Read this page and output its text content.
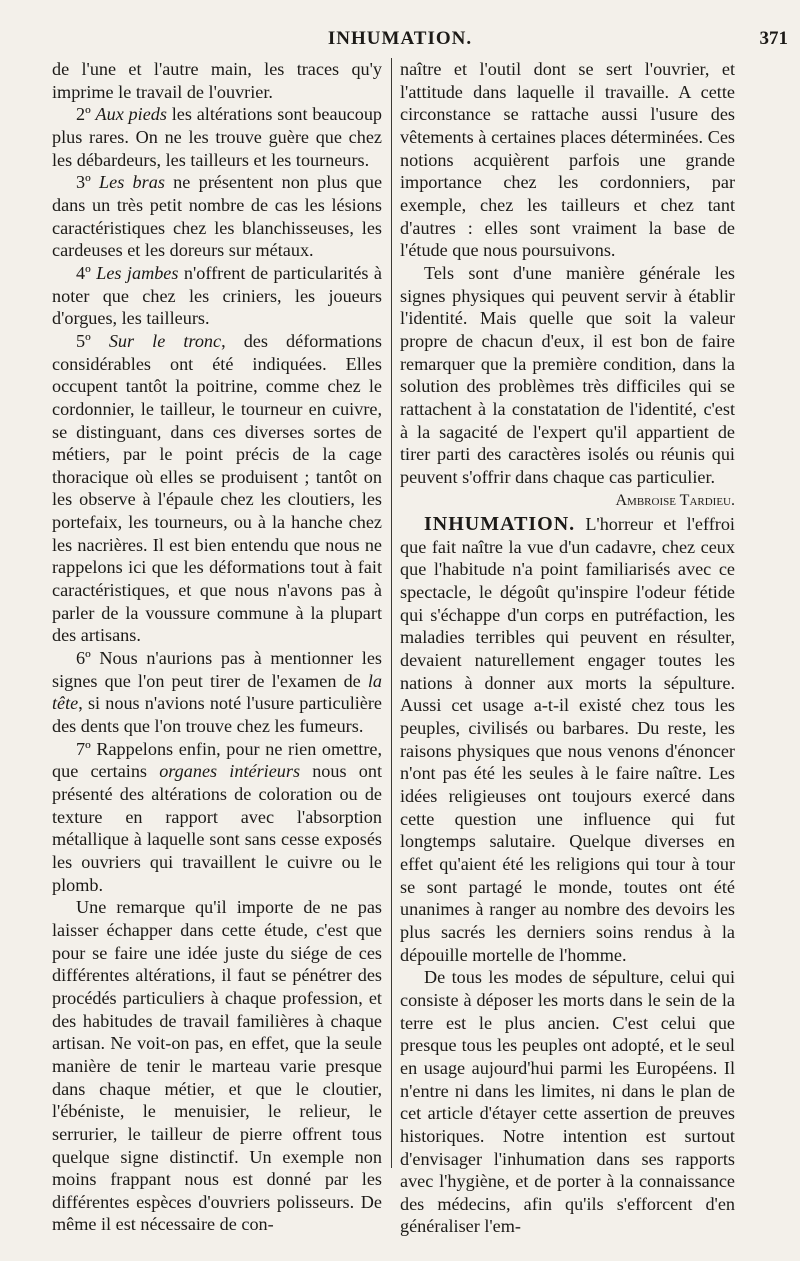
INHUMATION.	371

de l'une et l'autre main, les traces qu'y imprime le travail de l'ouvrier.

2º Aux pieds les altérations sont beaucoup plus rares. On ne les trouve guère que chez les débardeurs, les tailleurs et les tourneurs.

3º Les bras ne présentent non plus que dans un très petit nombre de cas les lésions caractéristiques chez les blanchisseuses, les cardeuses et les doreurs sur métaux.

4º Les jambes n'offrent de particularités à noter que chez les criniers, les joueurs d'orgues, les tailleurs.

5º Sur le tronc, des déformations considérables ont été indiquées. Elles occupent tantôt la poitrine, comme chez le cordonnier, le tailleur, le tourneur en cuivre, se distinguant, dans ces diverses sortes de métiers, par le point précis de la cage thoracique où elles se produisent ; tantôt on les observe à l'épaule chez les cloutiers, les portefaix, les tourneurs, ou à la hanche chez les nacrières. Il est bien entendu que nous ne rappelons ici que les déformations tout à fait caractéristiques, et que nous n'avons pas à parler de la voussure commune à la plupart des artisans.

6º Nous n'aurions pas à mentionner les signes que l'on peut tirer de l'examen de la tête, si nous n'avions noté l'usure particulière des dents que l'on trouve chez les fumeurs.

7º Rappelons enfin, pour ne rien omettre, que certains organes intérieurs nous ont présenté des altérations de coloration ou de texture en rapport avec l'absorption métallique à laquelle sont sans cesse exposés les ouvriers qui travaillent le cuivre ou le plomb.

Une remarque qu'il importe de ne pas laisser échapper dans cette étude, c'est que pour se faire une idée juste du siége de ces différentes altérations, il faut se pénétrer des procédés particuliers à chaque profession, et des habitudes de travail familières à chaque artisan. Ne voit-on pas, en effet, que la seule manière de tenir le marteau varie presque dans chaque métier, et que le cloutier, l'ébéniste, le menuisier, le relieur, le serrurier, le tailleur de pierre offrent tous quelque signe distinctif. Un exemple non moins frappant nous est donné par les différentes espèces d'ouvriers polisseurs. De même il est nécessaire de con-

naître et l'outil dont se sert l'ouvrier, et l'attitude dans laquelle il travaille. A cette circonstance se rattache aussi l'usure des vêtements à certaines places déterminées. Ces notions acquièrent parfois une grande importance chez les cordonniers, par exemple, chez les tailleurs et chez tant d'autres : elles sont vraiment la base de l'étude que nous poursuivons.

Tels sont d'une manière générale les signes physiques qui peuvent servir à établir l'identité. Mais quelle que soit la valeur propre de chacun d'eux, il est bon de faire remarquer que la première condition, dans la solution des problèmes très difficiles qui se rattachent à la constatation de l'identité, c'est à la sagacité de l'expert qu'il appartient de tirer parti des caractères isolés ou réunis qui peuvent s'offrir dans chaque cas particulier.

Ambroise Tardieu.

INHUMATION. L'horreur et l'effroi que fait naître la vue d'un cadavre, chez ceux que l'habitude n'a point familiarisés avec ce spectacle, le dégoût qu'inspire l'odeur fétide qui s'échappe d'un corps en putréfaction, les maladies terribles qui peuvent en résulter, devaient naturellement engager toutes les nations à donner aux morts la sépulture. Aussi cet usage a-t-il existé chez tous les peuples, civilisés ou barbares. Du reste, les raisons physiques que nous venons d'énoncer n'ont pas été les seules à le faire naître. Les idées religieuses ont toujours exercé dans cette question une influence qui fut longtemps salutaire. Quelque diverses en effet qu'aient été les religions qui tour à tour se sont partagé le monde, toutes ont été unanimes à ranger au nombre des devoirs les plus sacrés les derniers soins rendus à la dépouille mortelle de l'homme.

De tous les modes de sépulture, celui qui consiste à déposer les morts dans le sein de la terre est le plus ancien. C'est celui que presque tous les peuples ont adopté, et le seul en usage aujourd'hui parmi les Européens. Il n'entre ni dans les limites, ni dans le plan de cet article d'étayer cette assertion de preuves historiques. Notre intention est surtout d'envisager l'inhumation dans ses rapports avec l'hygiène, et de porter à la connaissance des médecins, afin qu'ils s'efforcent d'en généraliser l'em-
